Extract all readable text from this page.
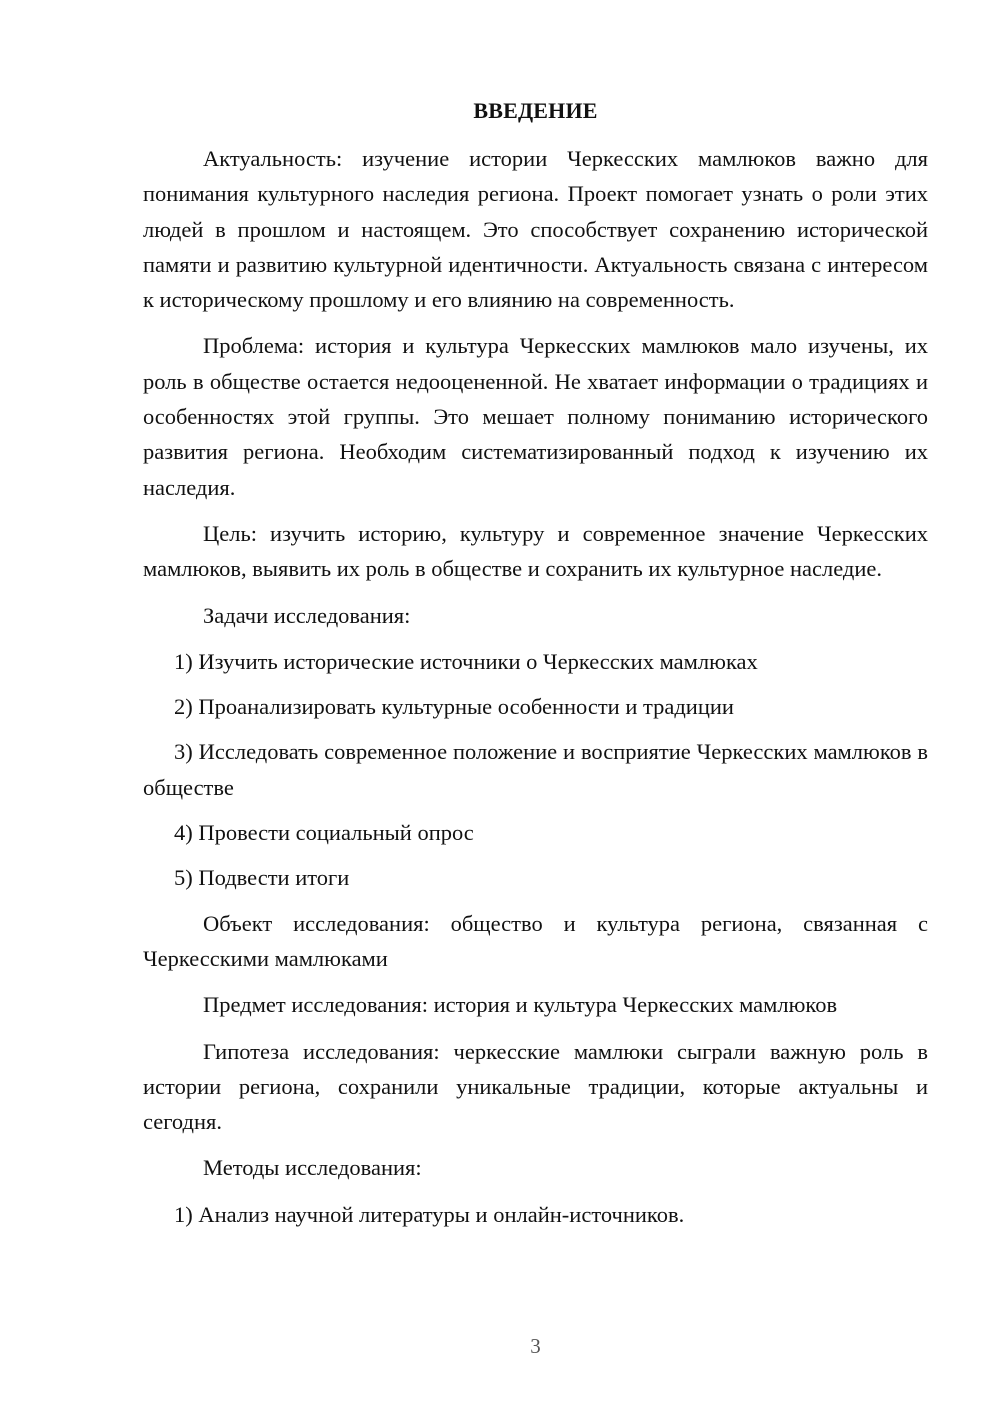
ВВЕДЕНИЕ

Актуальность: изучение истории Черкесских мамлюков важно для понимания культурного наследия региона. Проект помогает узнать о роли этих людей в прошлом и настоящем. Это способствует сохранению исторической памяти и развитию культурной идентичности. Актуальность связана с интересом к историческому прошлому и его влиянию на современность.

Проблема: история и культура Черкесских мамлюков мало изучены, их роль в обществе остается недооцененной. Не хватает информации о традициях и особенностях этой группы. Это мешает полному пониманию исторического развития региона. Необходим систематизированный подход к изучению их наследия.

Цель: изучить историю, культуру и современное значение Черкесских мамлюков, выявить их роль в обществе и сохранить их культурное наследие.

Задачи исследования:

1) Изучить исторические источники о Черкесских мамлюках

2) Проанализировать культурные особенности и традиции

3) Исследовать современное положение и восприятие Черкесских мамлюков в обществе

4) Провести социальный опрос

5) Подвести итоги

Объект исследования: общество и культура региона, связанная с Черкесскими мамлюками

Предмет исследования: история и культура Черкесских мамлюков

Гипотеза исследования: черкесские мамлюки сыграли важную роль в истории региона, сохранили уникальные традиции, которые актуальны и сегодня.

Методы исследования:

1) Анализ научной литературы и онлайн-источников.

3
